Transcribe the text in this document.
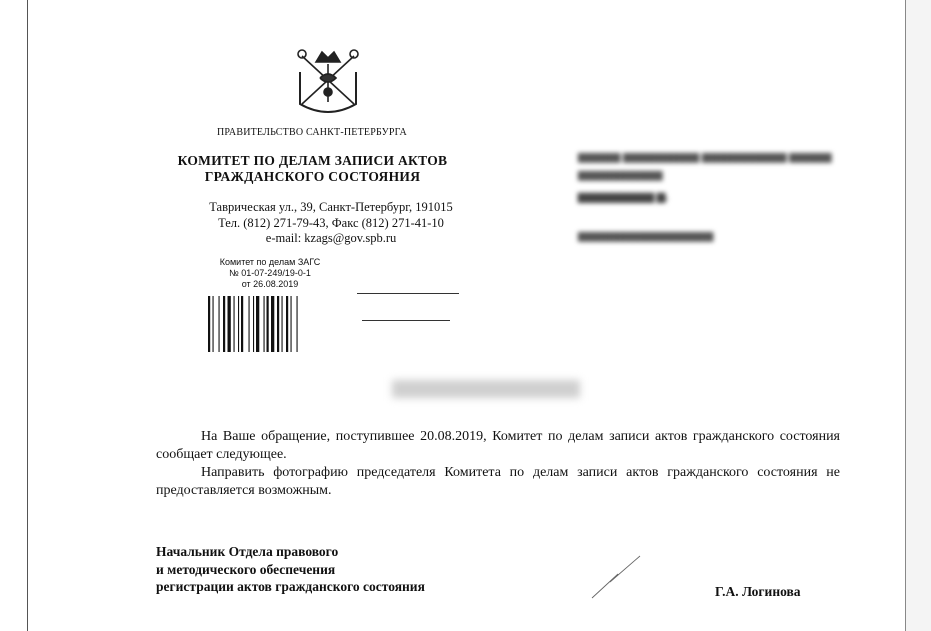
ПРАВИТЕЛЬСТВО САНКТ-ПЕТЕРБУРГА
КОМИТЕТ ПО ДЕЛАМ ЗАПИСИ АКТОВ
ГРАЖДАНСКОГО СОСТОЯНИЯ
Таврическая ул., 39, Санкт-Петербург, 191015
Тел. (812) 271-79-43, Факс (812) 271-41-10
e-mail: kzags@gov.spb.ru
Комитет по делам ЗАГС
№ 01-07-249/19-0-1
от 26.08.2019
▆▆▆▆▆ ▆▆▆▆▆▆▆▆▆ ▆▆▆▆▆▆▆▆▆▆ ▆▆▆▆▆
▆▆▆▆▆▆▆▆▆▆
▆▆▆▆▆▆▆▆▆ ▆.
▆▆▆▆▆▆▆▆▆▆▆▆▆▆▆▆

На Ваше обращение, поступившее 20.08.2019, Комитет по делам записи актов гражданского состояния сообщает следующее.

Направить фотографию председателя Комитета по делам записи актов гражданского состояния не предоставляется возможным.

Начальник Отдела правового
и методического обеспечения
регистрации актов гражданского состояния	Г.А. Логинова
